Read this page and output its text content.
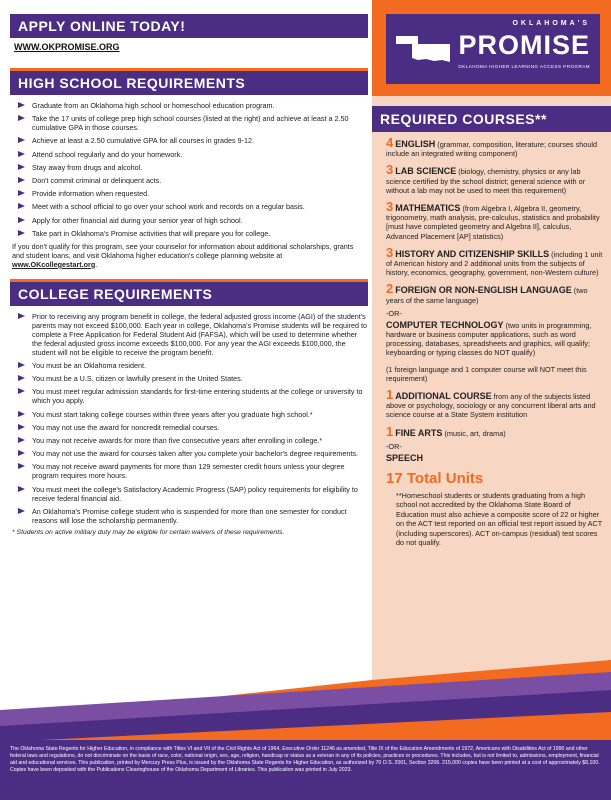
APPLY ONLINE TODAY!
WWW.OKPROMISE.ORG
HIGH SCHOOL REQUIREMENTS
Graduate from an Oklahoma high school or homeschool education program.
Take the 17 units of college prep high school courses (listed at the right) and achieve at least a 2.50 cumulative GPA in those courses.
Achieve at least a 2.50 cumulative GPA for all courses in grades 9-12.
Attend school regularly and do your homework.
Stay away from drugs and alcohol.
Don't commit criminal or delinquent acts.
Provide information when requested.
Meet with a school official to go over your school work and records on a regular basis.
Apply for other financial aid during your senior year of high school.
Take part in Oklahoma's Promise activities that will prepare you for college.

If you don't qualify for this program, see your counselor for information about additional scholarships, grants and student loans, and visit Oklahoma higher education's college planning website at www.OKcollegestart.org.

COLLEGE REQUIREMENTS
Prior to receiving any program benefit in college, the federal adjusted gross income (AGI) of the student's parents may not exceed $100,000. Each year in college, Oklahoma's Promise students will be required to complete a Free Application for Federal Student Aid (FAFSA), which will be used to determine whether the federal adjusted gross income exceeds $100,000. For any year the AGI exceeds $100,000, the student will not be eligible to receive the program benefit.
You must be an Oklahoma resident.
You must be a U.S. citizen or lawfully present in the United States.
You must meet regular admission standards for first-time entering students at the college or university to which you apply.
You must start taking college courses within three years after you graduate high school.*
You may not use the award for noncredit remedial courses.
You may not receive awards for more than five consecutive years after enrolling in college.*
You may not use the award for courses taken after you complete your bachelor's degree requirements.
You may not receive award payments for more than 129 semester credit hours unless your degree program requires more hours.
You must meet the college's Satisfactory Academic Progress (SAP) policy requirements for eligibility to receive federal financial aid.
An Oklahoma's Promise college student who is suspended for more than one semester for conduct reasons will lose the scholarship permanently.

* Students on active military duty may be eligible for certain waivers of these requirements.

OKLAHOMA'S
PROMISE
OKLAHOMA HIGHER LEARNING ACCESS PROGRAM
REQUIRED COURSES**
4 ENGLISH (grammar, composition, literature; courses should include an integrated writing component)
3 LAB SCIENCE (biology, chemistry, physics or any lab science certified by the school district; general science with or without a lab may not be used to meet this requirement)
3 MATHEMATICS (from Algebra I, Algebra II, geometry, trigonometry, math analysis, pre-calculus, statistics and probability [must have completed geometry and Algebra II], calculus, Advanced Placement [AP] statistics)
3 HISTORY AND CITIZENSHIP SKILLS (including 1 unit of American history and 2 additional units from the subjects of history, economics, geography, government, non-Western culture)
2 FOREIGN OR NON-ENGLISH LANGUAGE (two years of the same language)
-OR-
COMPUTER TECHNOLOGY (two units in programming, hardware or business computer applications, such as word processing, databases, spreadsheets and graphics, will qualify; keyboarding or typing classes do NOT qualify)
(1 foreign language and 1 computer course will NOT meet this requirement)
1 ADDITIONAL COURSE from any of the subjects listed above or psychology, sociology or any concurrent liberal arts and science course at a State System institution
1 FINE ARTS (music, art, drama)
-OR-
SPEECH
17 Total Units
**Homeschool students or students graduating from a high school not accredited by the Oklahoma State Board of Education must also achieve a composite score of 22 or higher on the ACT test reported on an official test report issued by ACT (including superscores). ACT on-campus (residual) test scores do not qualify.
The Oklahoma State Regents for Higher Education, in compliance with Titles VI and VII of the Civil Rights Act of 1964, Executive Order 11246 as amended, Title IX of the Education Amendments of 1972, Americans with Disabilities Act of 1990 and other federal laws and regulations, do not discriminate on the basis of race, color, national origin, sex, age, religion, handicap or status as a veteran in any of its policies, practices or procedures. This includes, but is not limited to, admissions, employment, financial aid and educational services. This publication, printed by Mercury Press Plus, is issued by the Oklahoma State Regents for Higher Education, as authorized by 70 O.S. 2001, Section 3206. 215,000 copies have been printed at a cost of approximately $8,100. Copies have been deposited with the Publications Clearinghouse of the Oklahoma Department of Libraries. This publication was printed in July 2023.
